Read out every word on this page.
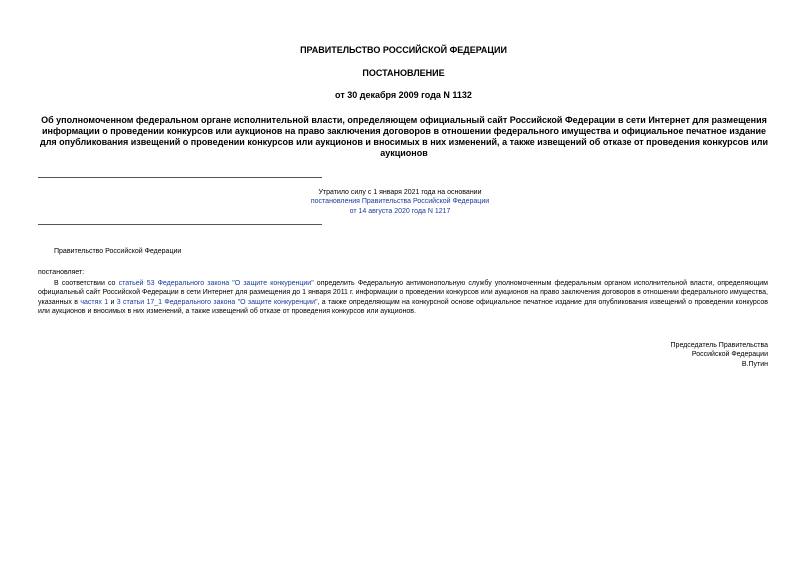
ПРАВИТЕЛЬСТВО РОССИЙСКОЙ ФЕДЕРАЦИИ
ПОСТАНОВЛЕНИЕ
от 30 декабря 2009 года N 1132
Об уполномоченном федеральном органе исполнительной власти, определяющем официальный сайт Российской Федерации в сети Интернет для размещения информации о проведении конкурсов или аукционов на право заключения договоров в отношении федерального имущества и официальное печатное издание для опубликования извещений о проведении конкурсов или аукционов и вносимых в них изменений, а также извещений об отказе от проведения конкурсов или аукционов
Утратило силу с 1 января 2021 года на основании
постановления Правительства Российской Федерации
от 14 августа 2020 года N 1217
Правительство Российской Федерации
постановляет:
В соответствии со статьей 53 Федерального закона "О защите конкуренции" определить Федеральную антимонопольную службу уполномоченным федеральным органом исполнительной власти, определяющим официальный сайт Российской Федерации в сети Интернет для размещения до 1 января 2011 г. информации о проведении конкурсов или аукционов на право заключения договоров в отношении федерального имущества, указанных в частях 1 и 3 статьи 17_1 Федерального закона "О защите конкуренции", а также определяющим на конкурсной основе официальное печатное издание для опубликования извещений о проведении конкурсов или аукционов и вносимых в них изменений, а также извещений об отказе от проведения конкурсов или аукционов.
Председатель Правительства
Российской Федерации
В.Путин
